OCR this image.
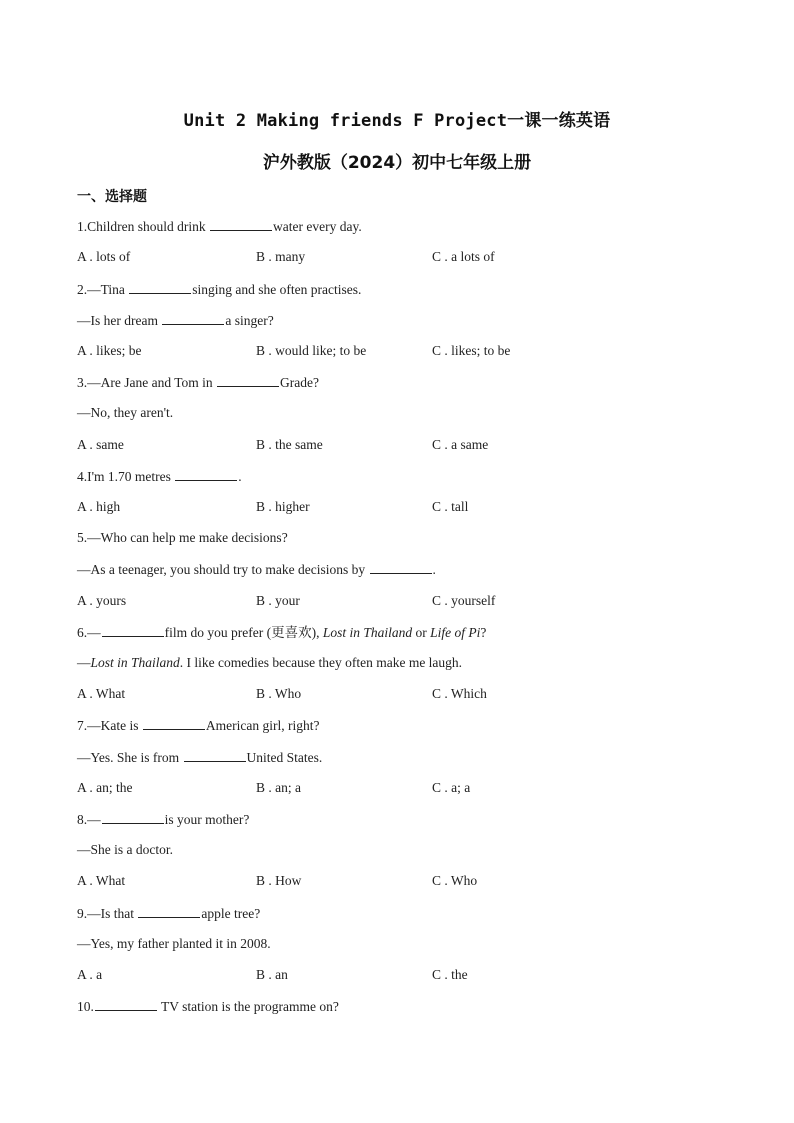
Unit 2 Making friends F Project一课一练英语
沪外教版（2024）初中七年级上册
一、选择题
1.Children should drink	water every day.
A . lots of	B . many	C . a lots of
2.—Tina	singing and she often practises.
—Is her dream	a singer?
A . likes; be	B . would like; to be	C . likes; to be
3.—Are Jane and Tom in	Grade?
—No, they aren't.
A . same	B . the same	C . a same
4.I'm 1.70 metres	.
A . high	B . higher	C . tall
5.—Who can help me make decisions?
—As a teenager, you should try to make decisions by	.
A . yours	B . your	C . yourself
6.—	film do you prefer (更喜欢), Lost in Thailand or Life of Pi?
—Lost in Thailand. I like comedies because they often make me laugh.
A . What	B . Who	C . Which
7.—Kate is	American girl, right?
—Yes. She is from	United States.
A . an; the	B . an; a	C . a; a
8.—	is your mother?
—She is a doctor.
A . What	B . How	C . Who
9.—Is that	apple tree?
—Yes, my father planted it in 2008.
A . a	B . an	C . the
10.	TV station is the programme on?
